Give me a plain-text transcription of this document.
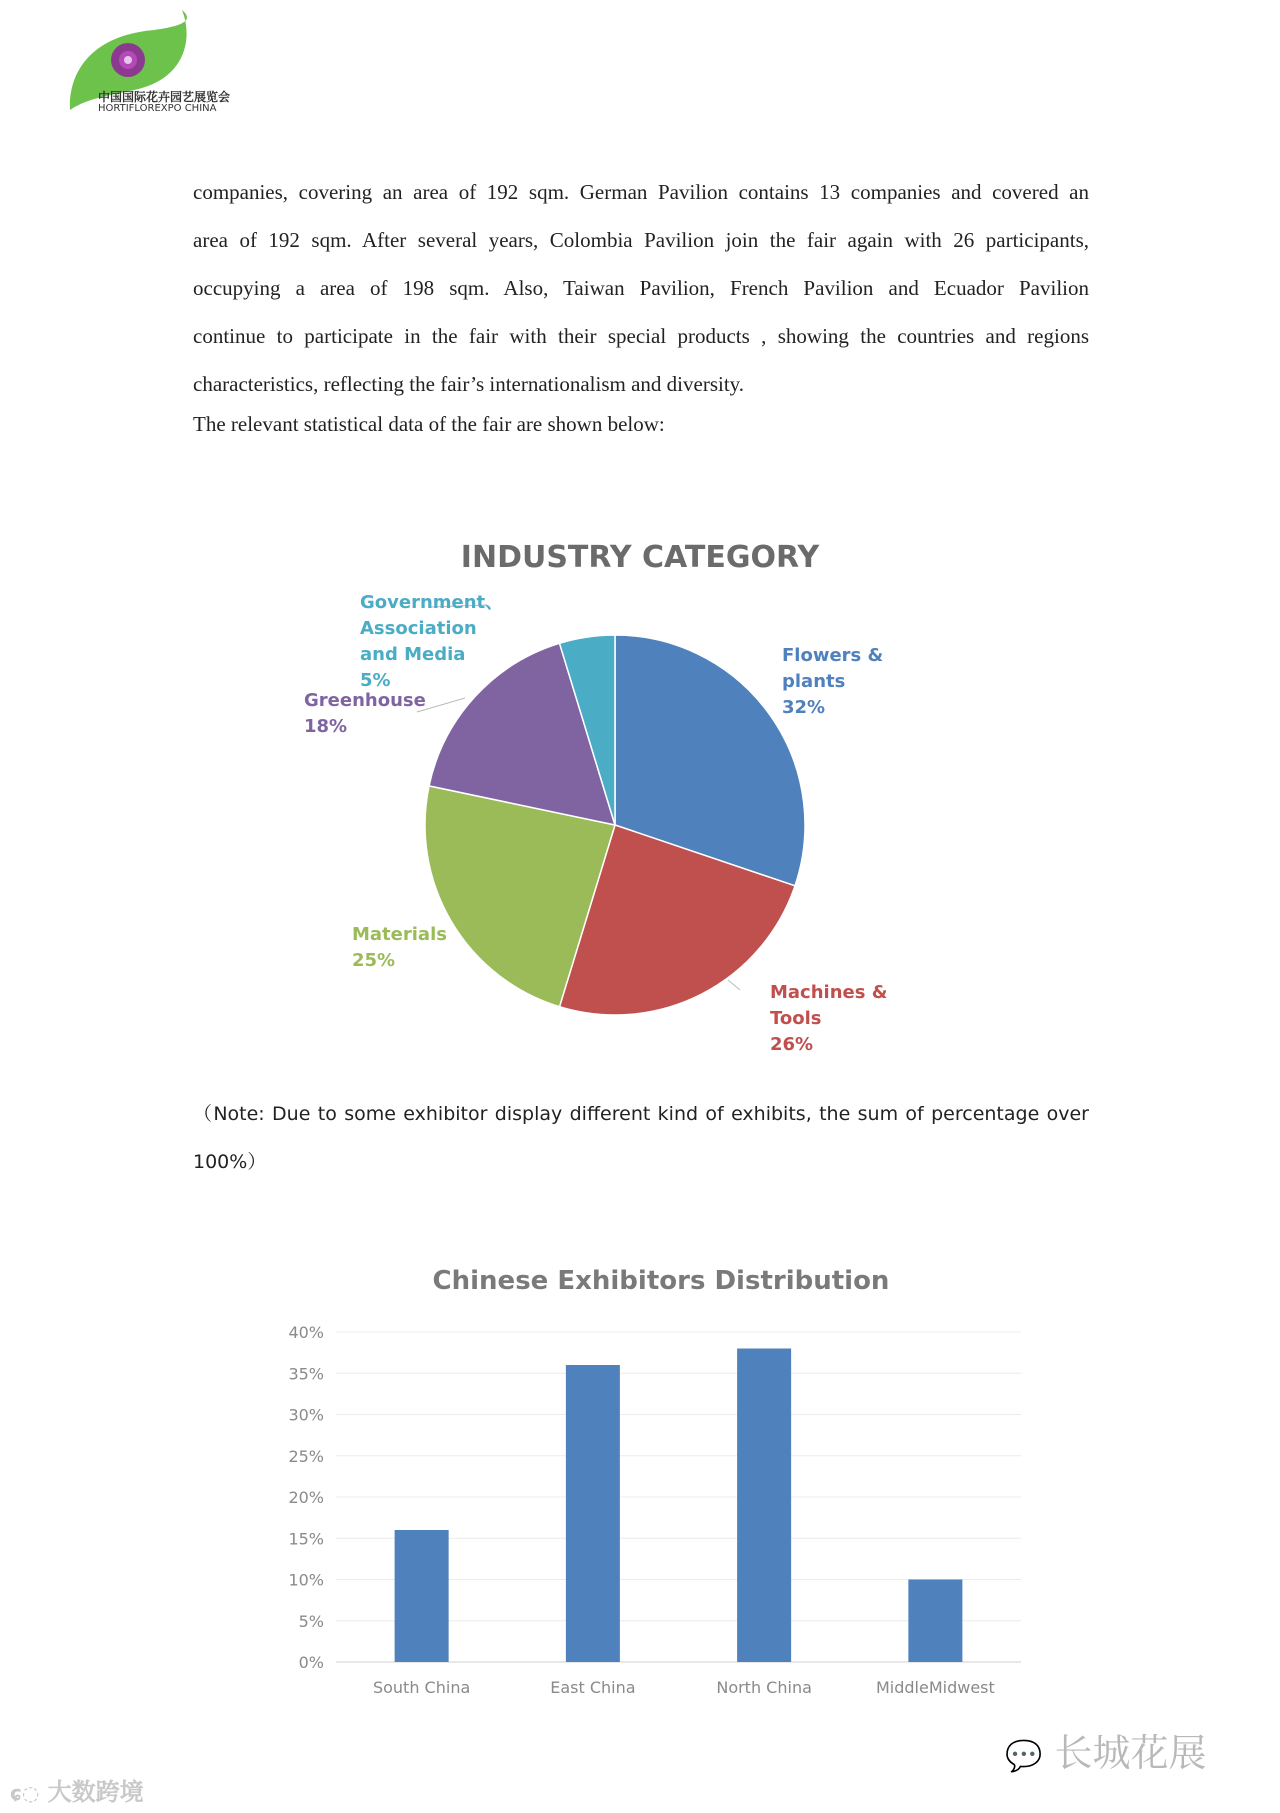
中国国际花卉园艺展览会
HORTIFLOREXPO CHINA
companies, covering an area of 192 sqm. German Pavilion contains 13 companies and covered an
area of 192 sqm. After several years, Colombia Pavilion join the fair again with 26 participants,
occupying a area of 198 sqm. Also, Taiwan Pavilion, French Pavilion and Ecuador Pavilion
continue to participate in the fair with their special products , showing the countries and regions
characteristics, reflecting the fair’s internationalism and diversity.
The relevant statistical data of the fair are shown below:
INDUSTRY CATEGORY
Flowers &
plants
32%
Machines &
Tools
26%
Materials
25%
Greenhouse
18%
Government、
Association
and Media
5%
（Note: Due to some exhibitor display different kind of exhibits, the sum of percentage over
100%）
Chinese Exhibitors Distribution
0%
5%
10%
15%
20%
25%
30%
35%
40%
South China	East China	North China	MiddleMidwest
ɕ◌ 大数跨境
💬 长城花展
